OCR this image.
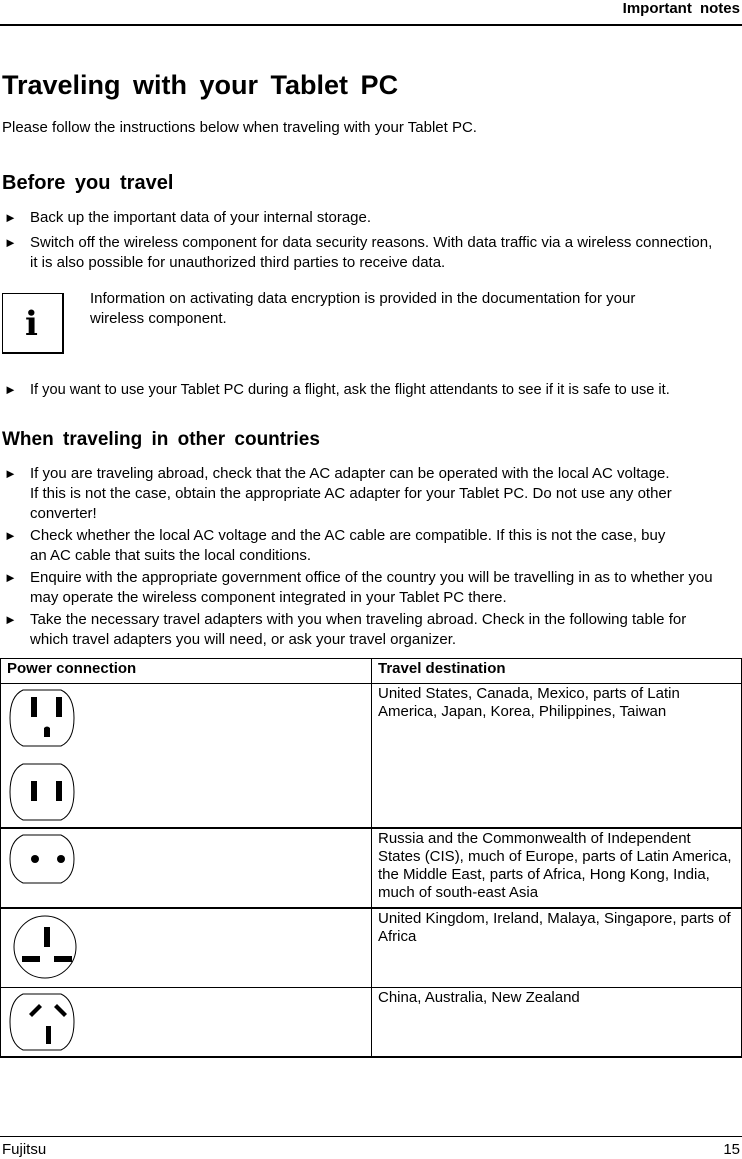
Important notes
Traveling with your Tablet PC

Please follow the instructions below when traveling with your Tablet PC.

Before you travel
► Back up the important data of your internal storage.

► Switch off the wireless component for data security reasons. With data traffic via a wireless connection, it is also possible for unauthorized third parties to receive data.

i

Information on activating data encryption is provided in the documentation for your wireless component.

► If you want to use your Tablet PC during a flight, ask the flight attendants to see if it is safe to use it.

When traveling in other countries
► If you are traveling abroad, check that the AC adapter can be operated with the local AC voltage. If this is not the case, obtain the appropriate AC adapter for your Tablet PC. Do not use any other converter!

► Check whether the local AC voltage and the AC cable are compatible. If this is not the case, buy an AC cable that suits the local conditions.

► Enquire with the appropriate government office of the country you will be travelling in as to whether you may operate the wireless component integrated in your Tablet PC there.

► Take the necessary travel adapters with you when traveling abroad. Check in the following table for which travel adapters you will need, or ask your travel organizer.

Power connection	Travel destination

	United States, Canada, Mexico, parts of Latin America, Japan, Korea, Philippines, Taiwan

	Russia and the Commonwealth of Independent States (CIS), much of Europe, parts of Latin America, the Middle East, parts of Africa, Hong Kong, India, much of south-east Asia

	United Kingdom, Ireland, Malaya, Singapore, parts of Africa

	China, Australia, New Zealand
Fujitsu	15
